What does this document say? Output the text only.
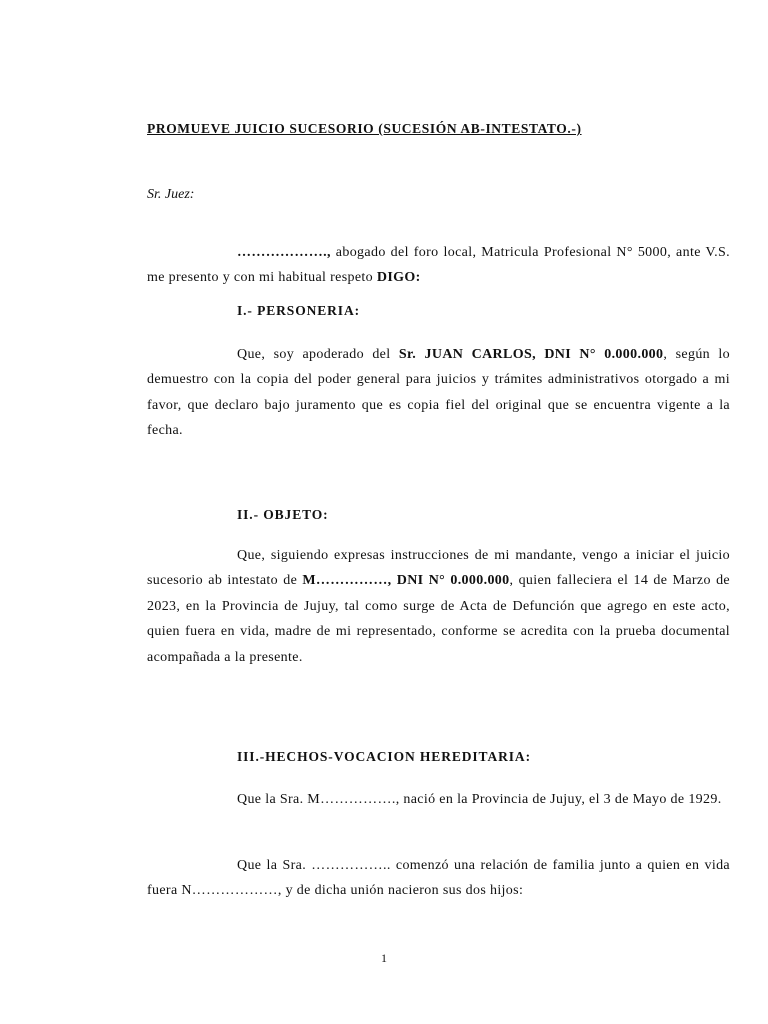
PROMUEVE JUICIO SUCESORIO (SUCESIÓN AB-INTESTATO.-)
Sr. Juez:
………………., abogado del foro local, Matricula Profesional N° 5000, ante V.S. me presento y con mi habitual respeto DIGO:
I.- PERSONERIA:
Que, soy apoderado del Sr. JUAN CARLOS, DNI N° 0.000.000, según lo demuestro con la copia del poder general para juicios y trámites administrativos otorgado a mi favor, que declaro bajo juramento que es copia fiel del original que se encuentra vigente a la fecha.
II.- OBJETO:
Que, siguiendo expresas instrucciones de mi mandante, vengo a iniciar el juicio sucesorio ab intestato de M……………, DNI N° 0.000.000, quien falleciera el 14 de Marzo de 2023, en la Provincia de Jujuy, tal como surge de Acta de Defunción que agrego en este acto, quien fuera en vida, madre de mi representado, conforme se acredita con la prueba documental acompañada a la presente.
III.-HECHOS-VOCACION HEREDITARIA:
Que la Sra. M……………., nació en la Provincia de Jujuy, el 3 de Mayo de 1929.
Que la Sra. …………….. comenzó una relación de familia junto a quien en vida fuera N………………, y de dicha unión nacieron sus dos hijos:
1
